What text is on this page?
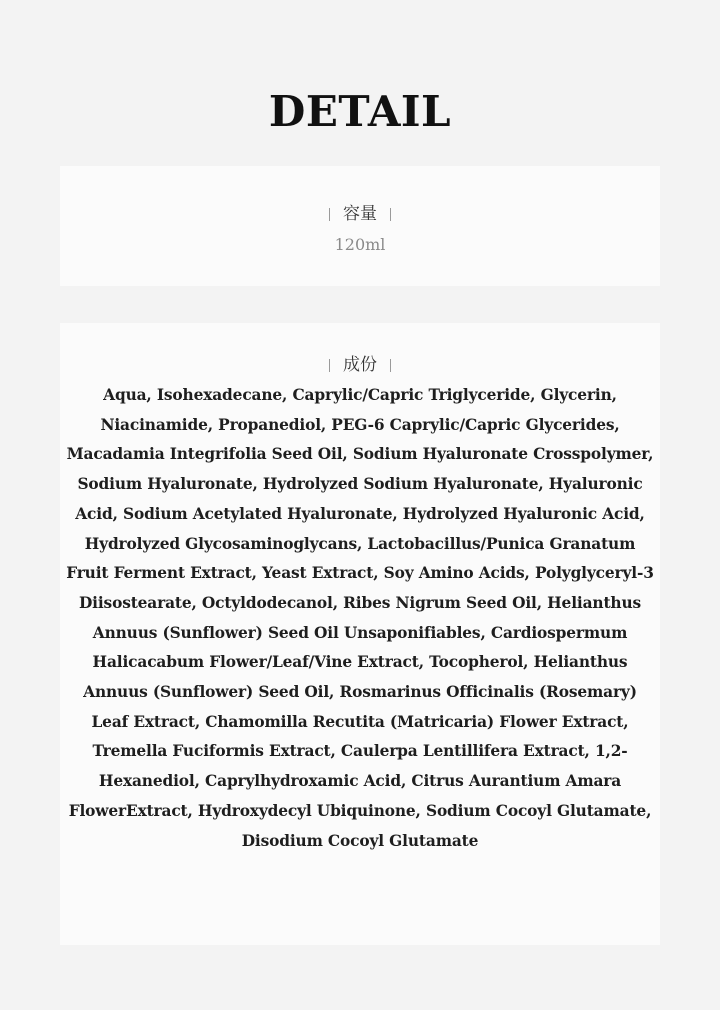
DETAIL
容量
120ml
成份
Aqua, Isohexadecane, Caprylic/Capric Triglyceride, Glycerin, Niacinamide, Propanediol, PEG-6 Caprylic/Capric Glycerides, Macadamia Integrifolia Seed Oil, Sodium Hyaluronate Crosspolymer, Sodium Hyaluronate, Hydrolyzed Sodium Hyaluronate, Hyaluronic Acid, Sodium Acetylated Hyaluronate, Hydrolyzed Hyaluronic Acid, Hydrolyzed Glycosaminoglycans, Lactobacillus/Punica Granatum Fruit Ferment Extract, Yeast Extract, Soy Amino Acids, Polyglyceryl-3 Diisostearate, Octyldodecanol, Ribes Nigrum Seed Oil, Helianthus Annuus (Sunflower) Seed Oil Unsaponifiables, Cardiospermum Halicacabum Flower/Leaf/Vine Extract, Tocopherol, Helianthus Annuus (Sunflower) Seed Oil, Rosmarinus Officinalis (Rosemary) Leaf Extract, Chamomilla Recutita (Matricaria) Flower Extract, Tremella Fuciformis Extract, Caulerpa Lentillifera Extract, 1,2-Hexanediol, Caprylhydroxamic Acid, Citrus Aurantium Amara FlowerExtract, Hydroxydecyl Ubiquinone, Sodium Cocoyl Glutamate, Disodium Cocoyl Glutamate
